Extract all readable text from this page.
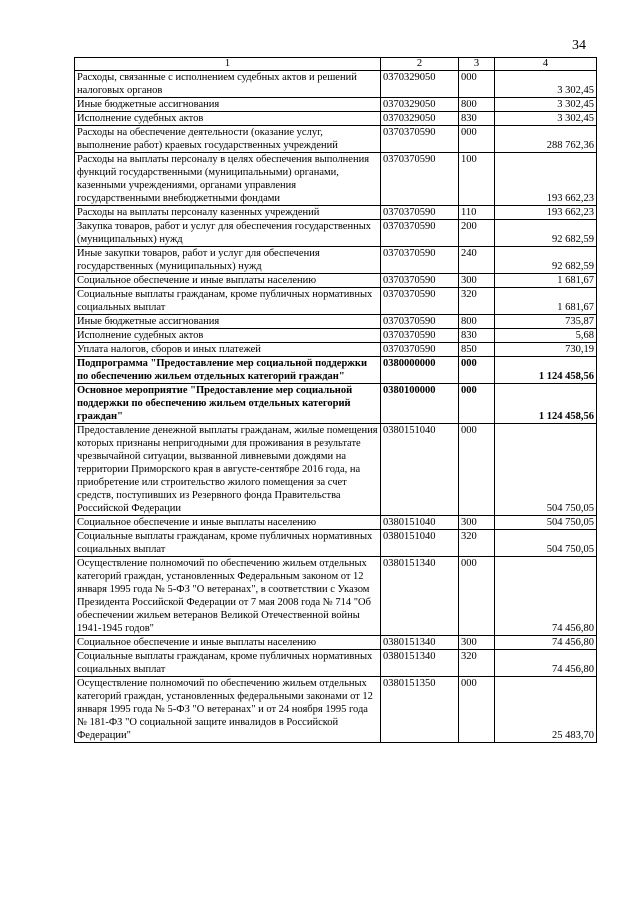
34
1	2	3	4
Расходы, связанные с исполнением судебных актов и решений налоговых органов	0370329050	000	3 302,45
Иные бюджетные ассигнования	0370329050	800	3 302,45
Исполнение судебных актов	0370329050	830	3 302,45
Расходы на обеспечение деятельности (оказание услуг, выполнение работ) краевых государственных учреждений	0370370590	000	288 762,36
Расходы на выплаты персоналу в целях обеспечения выполнения функций государственными (муниципальными) органами, казенными учреждениями, органами управления государственными внебюджетными фондами	0370370590	100	193 662,23
Расходы на выплаты персоналу казенных учреждений	0370370590	110	193 662,23
Закупка товаров, работ и услуг для обеспечения государственных (муниципальных) нужд	0370370590	200	92 682,59
Иные закупки товаров, работ и услуг для обеспечения государственных (муниципальных) нужд	0370370590	240	92 682,59
Социальное обеспечение и иные выплаты населению	0370370590	300	1 681,67
Социальные выплаты гражданам, кроме публичных нормативных социальных выплат	0370370590	320	1 681,67
Иные бюджетные ассигнования	0370370590	800	735,87
Исполнение судебных актов	0370370590	830	5,68
Уплата налогов, сборов и иных платежей	0370370590	850	730,19
Подпрограмма "Предоставление мер социальной поддержки по обеспечению жильем отдельных категорий граждан"	0380000000	000	1 124 458,56
Основное мероприятие "Предоставление мер социальной поддержки по обеспечению жильем отдельных категорий граждан"	0380100000	000	1 124 458,56
Предоставление денежной выплаты гражданам, жилые помещения которых признаны непригодными для проживания в результате чрезвычайной ситуации, вызванной ливневыми дождями на территории Приморского края в августе-сентябре 2016 года, на приобретение или строительство жилого помещения за счет средств, поступивших из Резервного фонда Правительства Российской Федерации	0380151040	000	504 750,05
Социальное обеспечение и иные выплаты населению	0380151040	300	504 750,05
Социальные выплаты гражданам, кроме публичных нормативных социальных выплат	0380151040	320	504 750,05
Осуществление полномочий по обеспечению жильем отдельных категорий граждан, установленных Федеральным законом от 12 января 1995 года № 5-ФЗ "О ветеранах", в соответствии с Указом Президента Российской Федерации от 7 мая 2008 года № 714 "Об обеспечении жильем ветеранов Великой Отечественной войны 1941-1945 годов"	0380151340	000	74 456,80
Социальное обеспечение и иные выплаты населению	0380151340	300	74 456,80
Социальные выплаты гражданам, кроме публичных нормативных социальных выплат	0380151340	320	74 456,80
Осуществление полномочий по обеспечению жильем отдельных категорий граждан, установленных федеральными законами от 12 января 1995 года № 5-ФЗ "О ветеранах" и от 24 ноября 1995 года № 181-ФЗ "О социальной защите инвалидов в Российской Федерации"	0380151350	000	25 483,70
